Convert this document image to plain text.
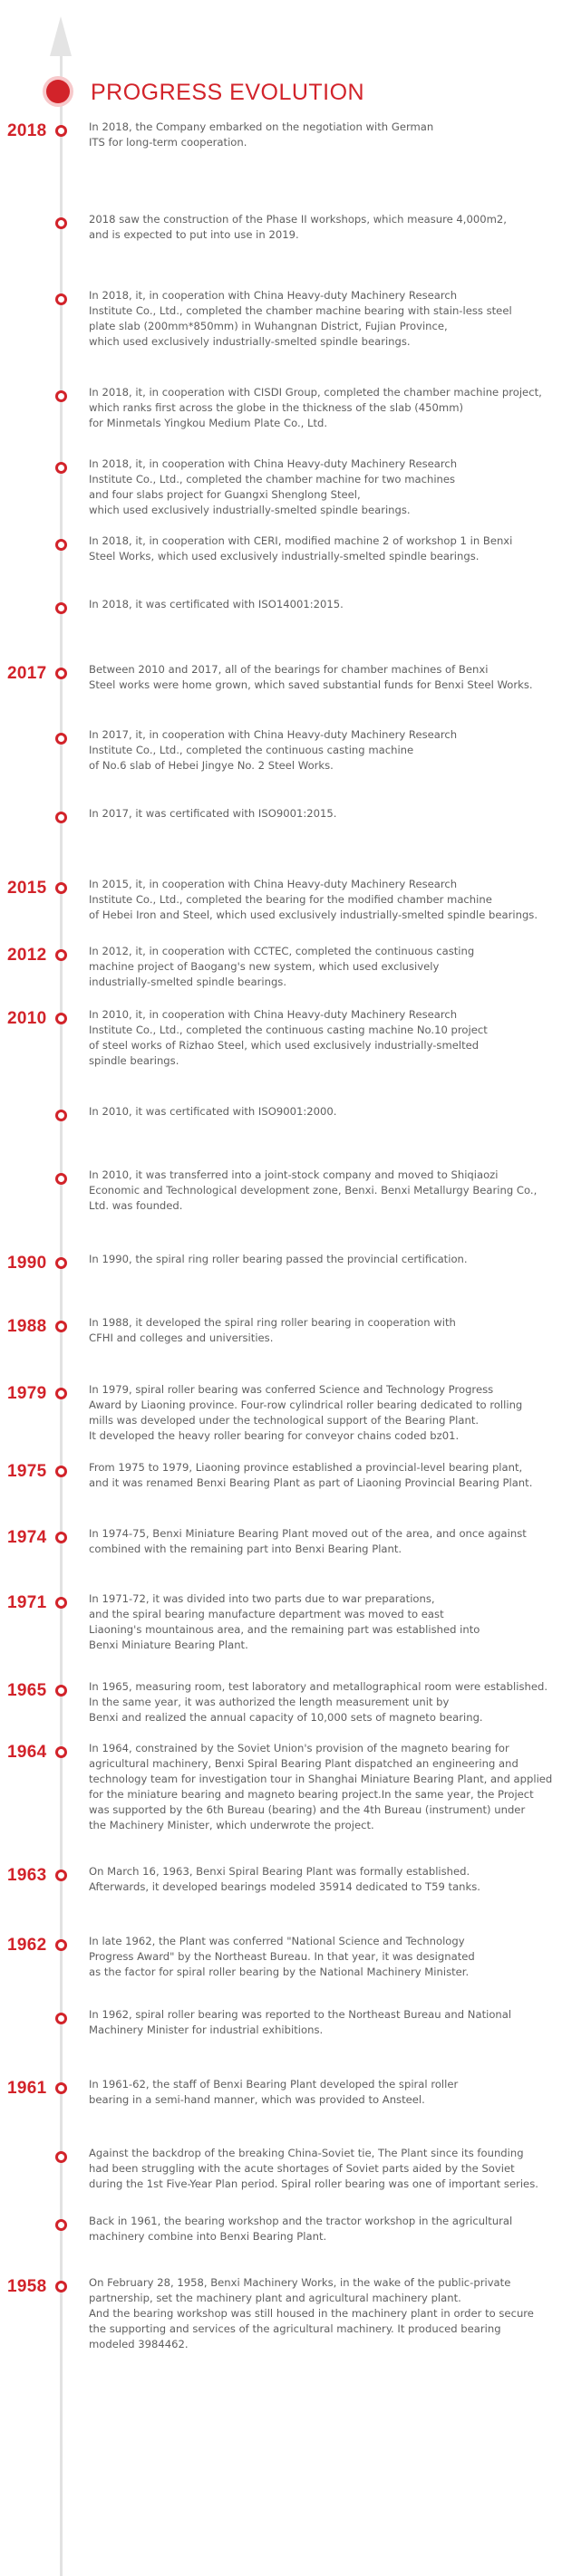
PROGRESS EVOLUTION
2018	In 2018, the Company embarked on the negotiation with German
ITS for long-term cooperation.

2018 saw the construction of the Phase II workshops, which measure 4,000m2,
and is expected to put into use in 2019.

In 2018, it, in cooperation with China Heavy-duty Machinery Research
Institute Co., Ltd., completed the chamber machine bearing with stain-less steel
plate slab (200mm*850mm) in Wuhangnan District, Fujian Province,
which used exclusively industrially-smelted spindle bearings.

In 2018, it, in cooperation with CISDI Group, completed the chamber machine project,
which ranks first across the globe in the thickness of the slab (450mm)
for Minmetals Yingkou Medium Plate Co., Ltd.

In 2018, it, in cooperation with China Heavy-duty Machinery Research
Institute Co., Ltd., completed the chamber machine for two machines
and four slabs project for Guangxi Shenglong Steel,
which used exclusively industrially-smelted spindle bearings.

In 2018, it, in cooperation with CERI, modified machine 2 of workshop 1 in Benxi
Steel Works, which used exclusively industrially-smelted spindle bearings.

In 2018, it was certificated with ISO14001:2015.

2017	Between 2010 and 2017, all of the bearings for chamber machines of Benxi
Steel works were home grown, which saved substantial funds for Benxi Steel Works.

In 2017, it, in cooperation with China Heavy-duty Machinery Research
Institute Co., Ltd., completed the continuous casting machine
of No.6 slab of Hebei Jingye No. 2 Steel Works.

In 2017, it was certificated with ISO9001:2015.

2015	In 2015, it, in cooperation with China Heavy-duty Machinery Research
Institute Co., Ltd., completed the bearing for the modified chamber machine
of Hebei Iron and Steel, which used exclusively industrially-smelted spindle bearings.

2012	In 2012, it, in cooperation with CCTEC, completed the continuous casting
machine project of Baogang's new system, which used exclusively
industrially-smelted spindle bearings.

2010	In 2010, it, in cooperation with China Heavy-duty Machinery Research
Institute Co., Ltd., completed the continuous casting machine No.10 project
of steel works of Rizhao Steel, which used exclusively industrially-smelted
spindle bearings.

In 2010, it was certificated with ISO9001:2000.

In 2010, it was transferred into a joint-stock company and moved to Shiqiaozi
Economic and Technological development zone, Benxi. Benxi Metallurgy Bearing Co.,
Ltd. was founded.

1990	In 1990, the spiral ring roller bearing passed the provincial certification.

1988	In 1988, it developed the spiral ring roller bearing in cooperation with
CFHI and colleges and universities.

1979	In 1979, spiral roller bearing was conferred Science and Technology Progress
Award by Liaoning province. Four-row cylindrical roller bearing dedicated to rolling
mills was developed under the technological support of the Bearing Plant.
It developed the heavy roller bearing for conveyor chains coded bz01.

1975	From 1975 to 1979, Liaoning province established a provincial-level bearing plant,
and it was renamed Benxi Bearing Plant as part of Liaoning Provincial Bearing Plant.

1974	In 1974-75, Benxi Miniature Bearing Plant moved out of the area, and once against
combined with the remaining part into Benxi Bearing Plant.

1971	In 1971-72, it was divided into two parts due to war preparations,
and the spiral bearing manufacture department was moved to east
Liaoning's mountainous area, and the remaining part was established into
Benxi Miniature Bearing Plant.

1965	In 1965, measuring room, test laboratory and metallographical room were established.
In the same year, it was authorized the length measurement unit by
Benxi and realized the annual capacity of 10,000 sets of magneto bearing.

1964	In 1964, constrained by the Soviet Union's provision of the magneto bearing for
agricultural machinery, Benxi Spiral Bearing Plant dispatched an engineering and
technology team for investigation tour in Shanghai Miniature Bearing Plant, and applied
for the miniature bearing and magneto bearing project.In the same year, the Project
was supported by the 6th Bureau (bearing) and the 4th Bureau (instrument) under
the Machinery Minister, which underwrote the project.

1963	On March 16, 1963, Benxi Spiral Bearing Plant was formally established.
Afterwards, it developed bearings modeled 35914 dedicated to T59 tanks.

1962	In late 1962, the Plant was conferred "National Science and Technology
Progress Award" by the Northeast Bureau. In that year, it was designated
as the factor for spiral roller bearing by the National Machinery Minister.

In 1962, spiral roller bearing was reported to the Northeast Bureau and National
Machinery Minister for industrial exhibitions.

1961	In 1961-62, the staff of Benxi Bearing Plant developed the spiral roller
bearing in a semi-hand manner, which was provided to Ansteel.

Against the backdrop of the breaking China-Soviet tie, The Plant since its founding
had been struggling with the acute shortages of Soviet parts aided by the Soviet
during the 1st Five-Year Plan period. Spiral roller bearing was one of important series.

Back in 1961, the bearing workshop and the tractor workshop in the agricultural
machinery combine into Benxi Bearing Plant.

1958	On February 28, 1958, Benxi Machinery Works, in the wake of the public-private
partnership, set the machinery plant and agricultural machinery plant.
And the bearing workshop was still housed in the machinery plant in order to secure
the supporting and services of the agricultural machinery. It produced bearing
modeled 3984462.
